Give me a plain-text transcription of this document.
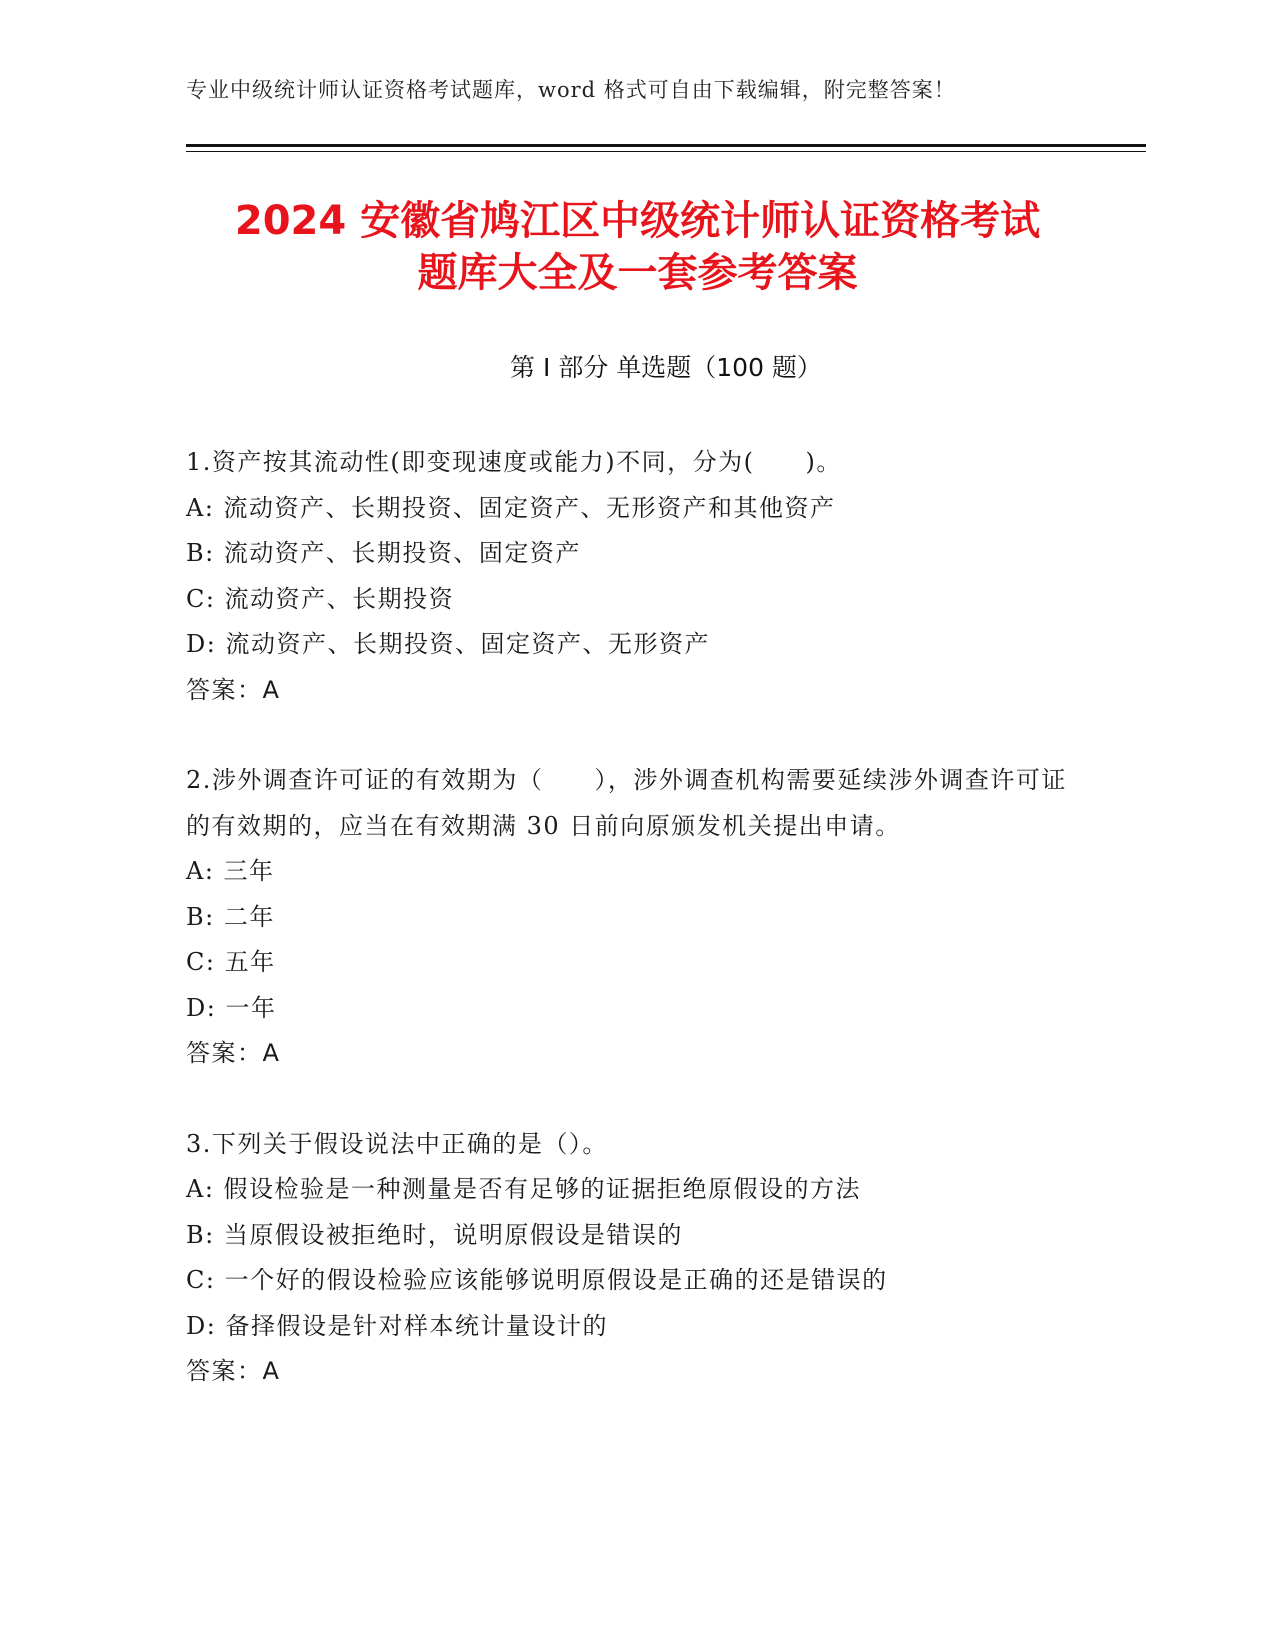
专业中级统计师认证资格考试题库，word 格式可自由下载编辑，附完整答案！
2024 安徽省鸠江区中级统计师认证资格考试
题库大全及一套参考答案
第 I 部分 单选题（100 题）
1.资产按其流动性(即变现速度或能力)不同，分为(　　)。
A: 流动资产、长期投资、固定资产、无形资产和其他资产
B: 流动资产、长期投资、固定资产
C: 流动资产、长期投资
D: 流动资产、长期投资、固定资产、无形资产
答案：A
2.涉外调查许可证的有效期为（　　），涉外调查机构需要延续涉外调查许可证的有效期的，应当在有效期满 30 日前向原颁发机关提出申请。
A: 三年
B: 二年
C: 五年
D: 一年
答案：A
3.下列关于假设说法中正确的是（）。
A: 假设检验是一种测量是否有足够的证据拒绝原假设的方法
B: 当原假设被拒绝时，说明原假设是错误的
C: 一个好的假设检验应该能够说明原假设是正确的还是错误的
D: 备择假设是针对样本统计量设计的
答案：A
